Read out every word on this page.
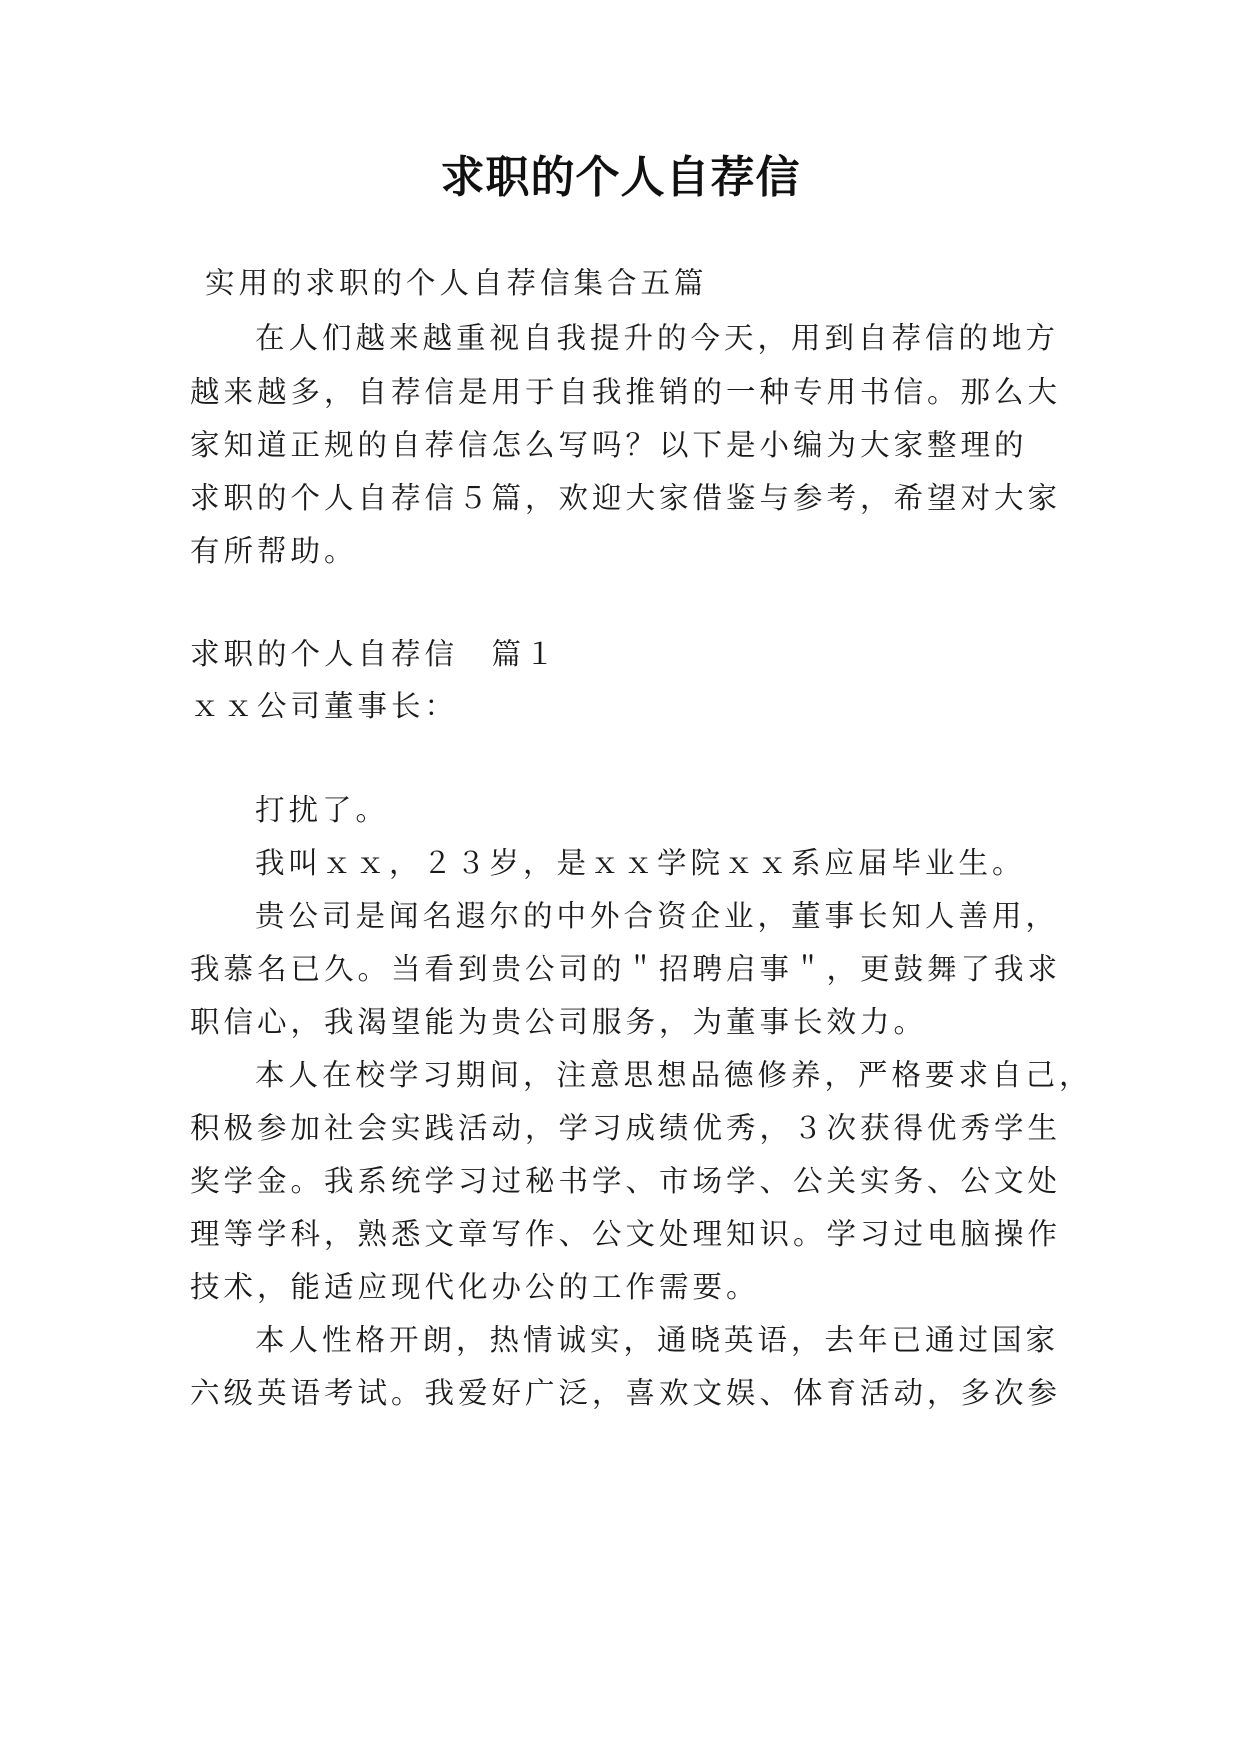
求职的个人自荐信
实用的求职的个人自荐信集合五篇
在人们越来越重视自我提升的今天，用到自荐信的地方
越来越多，自荐信是用于自我推销的一种专用书信。那么大
家知道正规的自荐信怎么写吗？以下是小编为大家整理的
求职的个人自荐信５篇，欢迎大家借鉴与参考，希望对大家
有所帮助。
求职的个人自荐信　篇１
ｘｘ公司董事长：
打扰了。
我叫ｘｘ，２３岁，是ｘｘ学院ｘｘ系应届毕业生。
贵公司是闻名遐尔的中外合资企业，董事长知人善用，
我慕名已久。当看到贵公司的＂招聘启事＂，更鼓舞了我求
职信心，我渴望能为贵公司服务，为董事长效力。
本人在校学习期间，注意思想品德修养，严格要求自己，
积极参加社会实践活动，学习成绩优秀，３次获得优秀学生
奖学金。我系统学习过秘书学、市场学、公关实务、公文处
理等学科，熟悉文章写作、公文处理知识。学习过电脑操作
技术，能适应现代化办公的工作需要。
本人性格开朗，热情诚实，通晓英语，去年已通过国家
六级英语考试。我爱好广泛，喜欢文娱、体育活动，多次参
